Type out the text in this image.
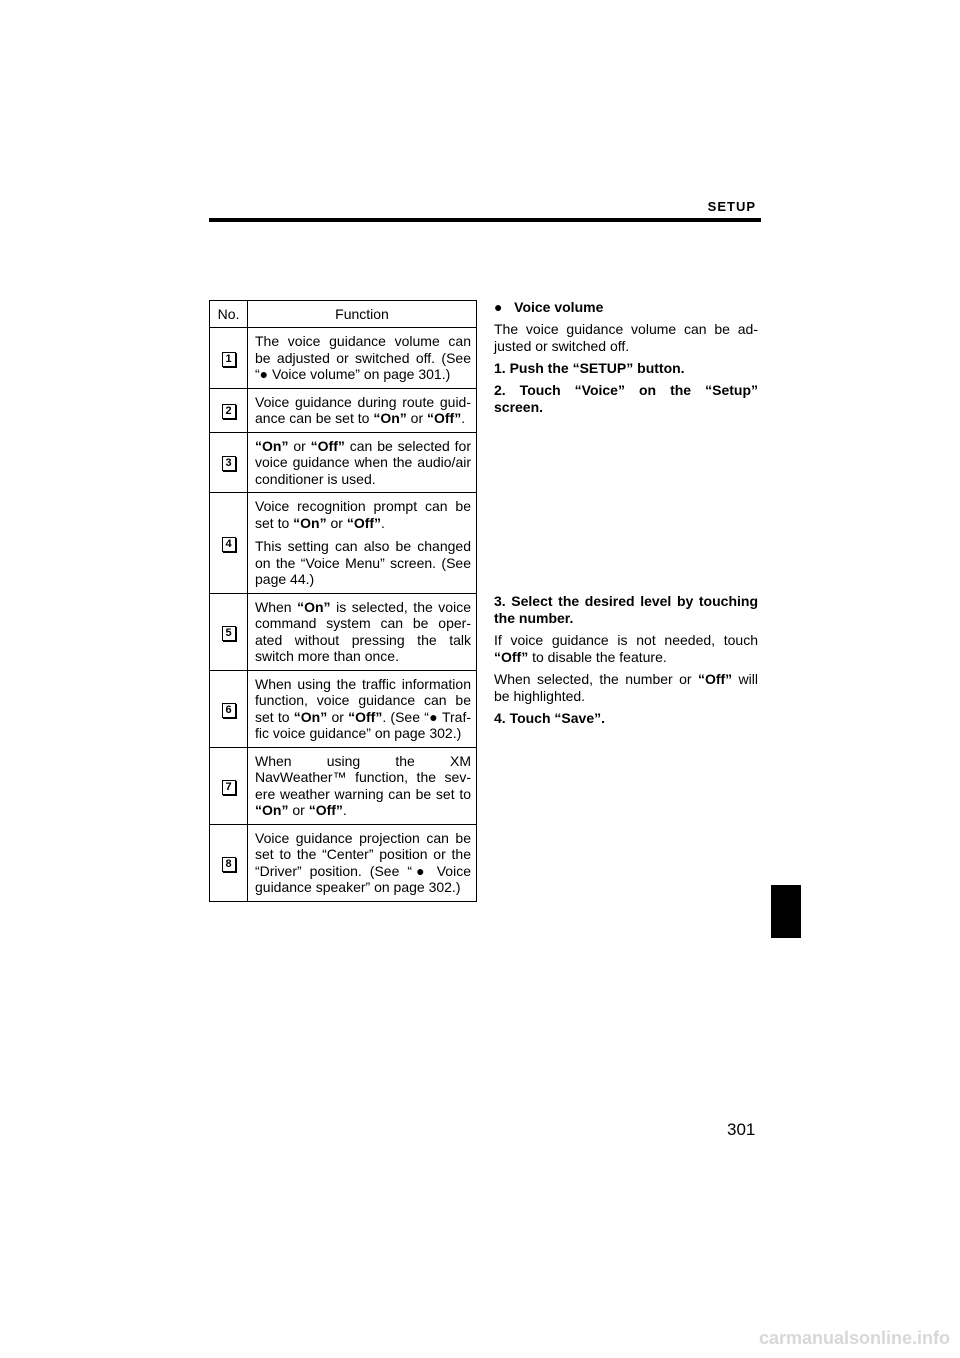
SETUP
No.	Function
1	The voice guidance volume can be adjusted or switched off. (See “● Voice volume” on page 301.)

2	Voice guidance during route guid-ance can be set to “On” or “Off”.

3	“On” or “Off” can be selected for voice guidance when the audio/air conditioner is used.

4	Voice recognition prompt can be set to “On” or “Off”.

This setting can also be changed on the “Voice Menu” screen. (See page 44.)

5	When “On” is selected, the voice command system can be oper-ated without pressing the talk switch more than once.

6	When using the traffic information function, voice guidance can be set to “On” or “Off”. (See “● Traf-fic voice guidance” on page 302.)

7	When using the XM NavWeather™ function, the sev-ere weather warning can be set to “On” or “Off”.

8	Voice guidance projection can be set to the “Center” position or the “Driver” position. (See “● Voice guidance speaker” on page 302.)

● Voice volume

The voice guidance volume can be ad-justed or switched off.

1. Push the “SETUP” button.

2. Touch “Voice” on the “Setup” screen.

3. Select the desired level by touching the number.

If voice guidance is not needed, touch “Off” to disable the feature.

When selected, the number or “Off” will be highlighted.

4. Touch “Save”.

301
carmanualsonline.info
